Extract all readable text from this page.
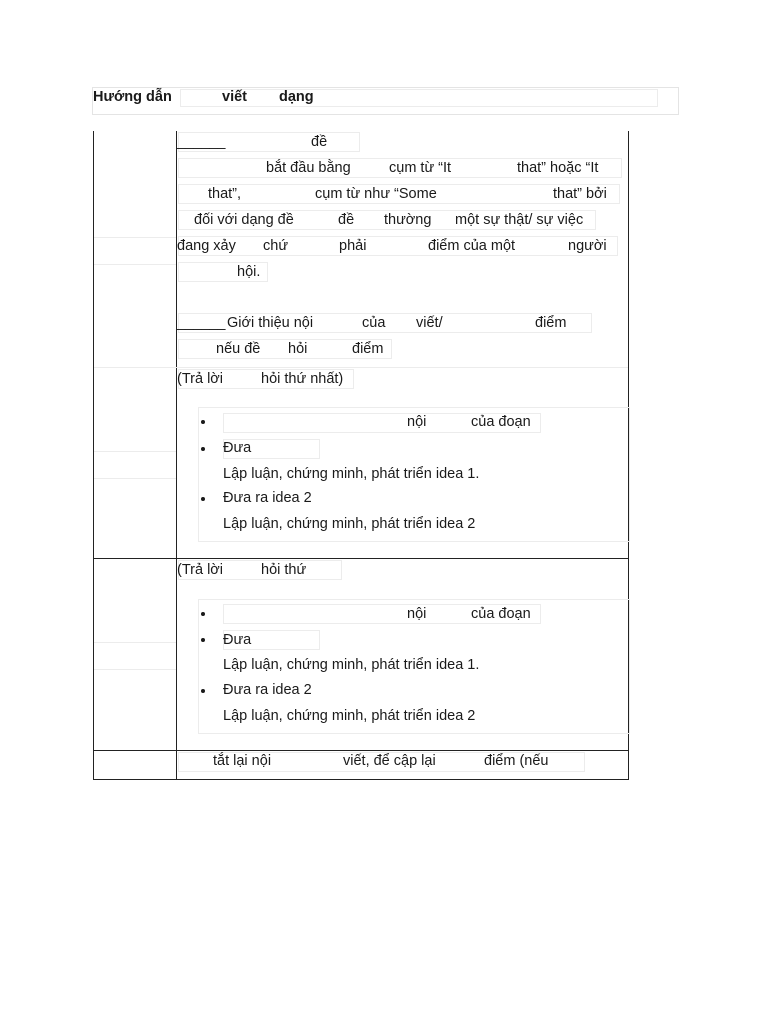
Hướng dẫn	viết dạng
______	đề
bắt đầu bằng	cụm từ “It	that” hoặc “It
that”,	cụm từ như “Some	that” bởi
đối với dạng đề	đề thường một sự thật/ sự việc
đang xảy chứ	phải	điểm của một	người
hội.
______ Giới thiệu nội	của viết/	điểm
nếu đề hỏi	điểm
(Trả lời	hỏi thứ nhất)
nội	của đoạn
Đưa
Lập luận, chứng minh, phát triển idea 1.
Đưa ra idea 2
Lập luận, chứng minh, phát triển idea 2
(Trả lời	hỏi thứ
nội	của đoạn
Đưa
Lập luận, chứng minh, phát triển idea 1.
Đưa ra idea 2
Lập luận, chứng minh, phát triển idea 2
tắt lại nội	viết, để cập lại	điểm (nếu
